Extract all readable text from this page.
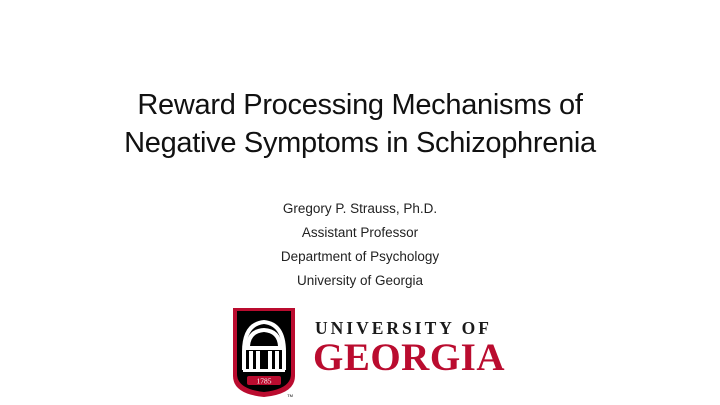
Reward Processing Mechanisms of
Negative Symptoms in Schizophrenia
Gregory P. Strauss, Ph.D.
Assistant Professor
Department of Psychology
University of Georgia
1785
TM
UNIVERSITY OF
GEORGIA
